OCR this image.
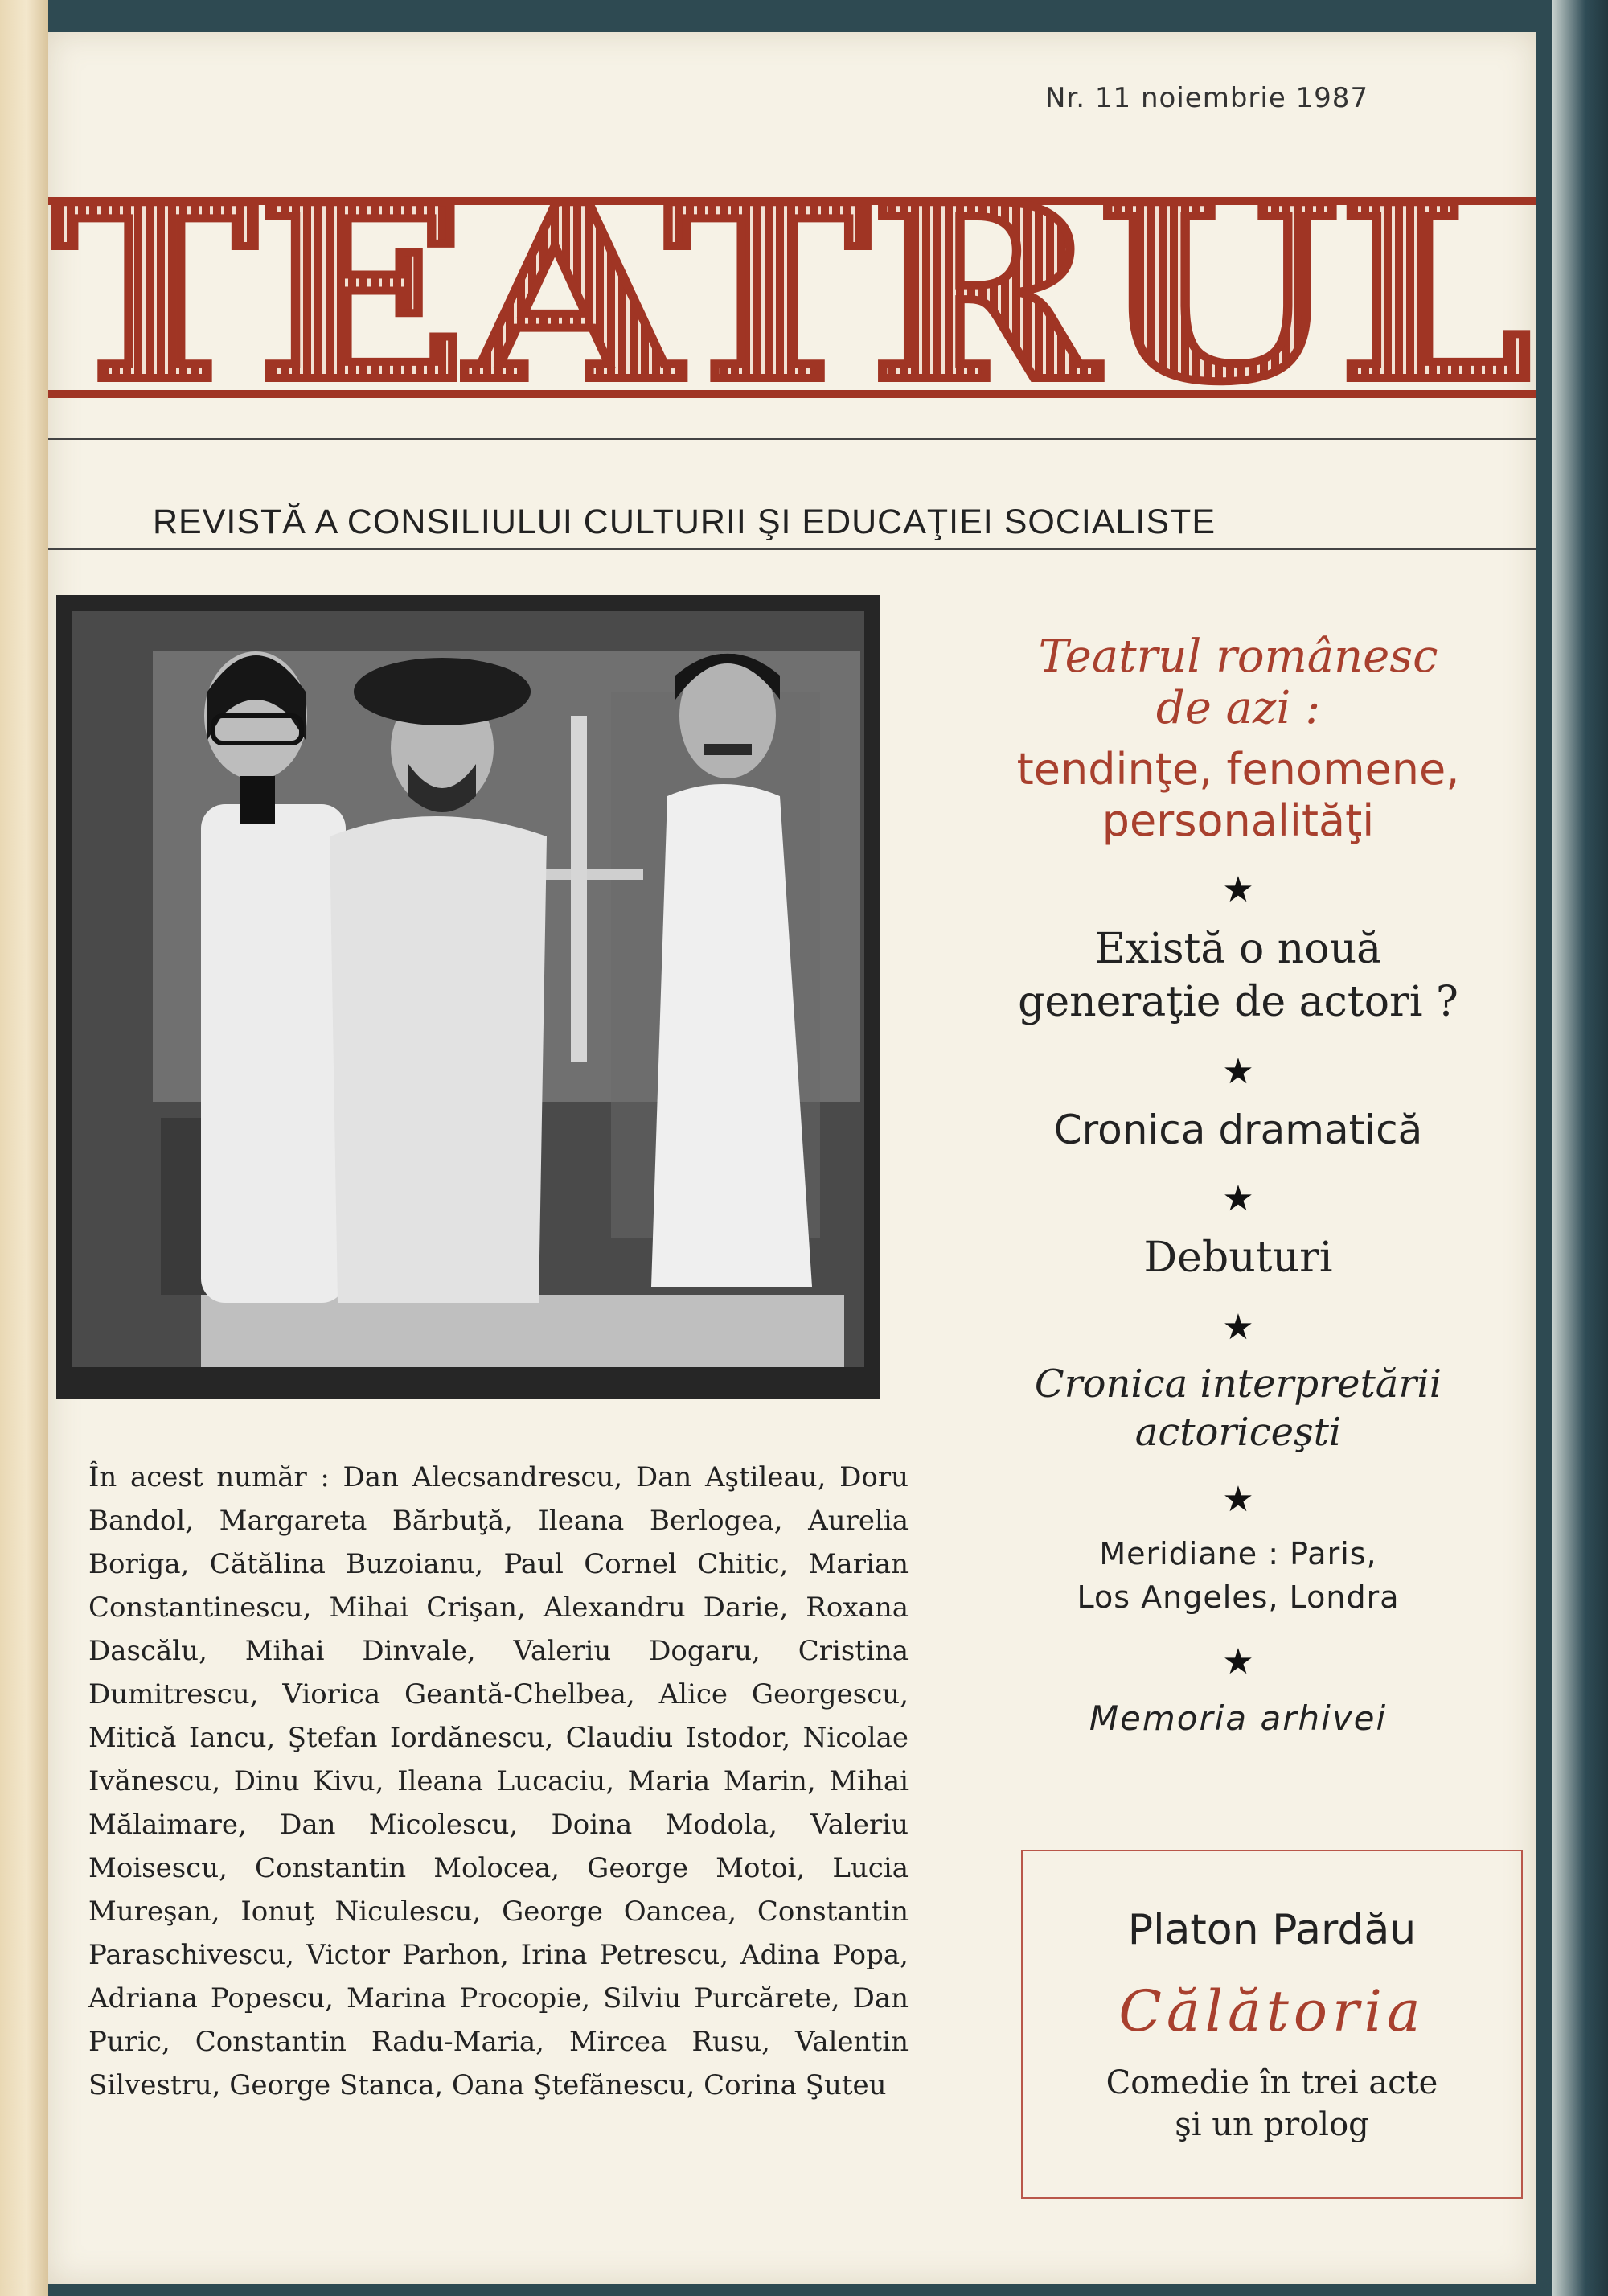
Nr. 11 noiembrie 1987
TEATRUL
REVISTĂ A CONSILIULUI CULTURII ŞI EDUCAŢIEI SOCIALISTE
În acest număr : Dan Alecsandrescu, Dan Aştileau, Doru Bandol, Margareta Bărbuţă, Ileana Berlogea, Aurelia Boriga, Cătălina Buzoianu, Paul Cornel Chitic, Marian Constantinescu, Mihai Crişan, Alexandru Darie, Roxana Dascălu, Mihai Dinvale, Valeriu Dogaru, Cristina Dumitrescu, Viorica Geantă-Chelbea, Alice Georgescu, Mitică Iancu, Ştefan Iordănescu, Claudiu Istodor, Nicolae Ivănescu, Dinu Kivu, Ileana Lucaciu, Maria Marin, Mihai Mălaimare, Dan Micolescu, Doina Modola, Valeriu Moisescu, Constantin Molocea, George Motoi, Lucia Mureşan, Ionuţ Niculescu, George Oancea, Constantin Paraschivescu, Victor Parhon, Irina Petrescu, Adina Popa, Adriana Popescu, Marina Procopie, Silviu Purcărete, Dan Puric, Constantin Radu-Maria, Mircea Rusu, Valentin Silvestru, George Stanca, Oana Ştefănescu, Corina Şuteu
Teatrul românesc
de azi :
tendinţe, fenomene,
personalităţi
★
Există o nouă
generaţie de actori ?
★
Cronica dramatică
★
Debuturi
★
Cronica interpretării
actoriceşti
★
Meridiane : Paris,
Los Angeles, Londra
★
Memoria arhivei
Platon Pardău
Călătoria
Comedie în trei acte
şi un prolog
